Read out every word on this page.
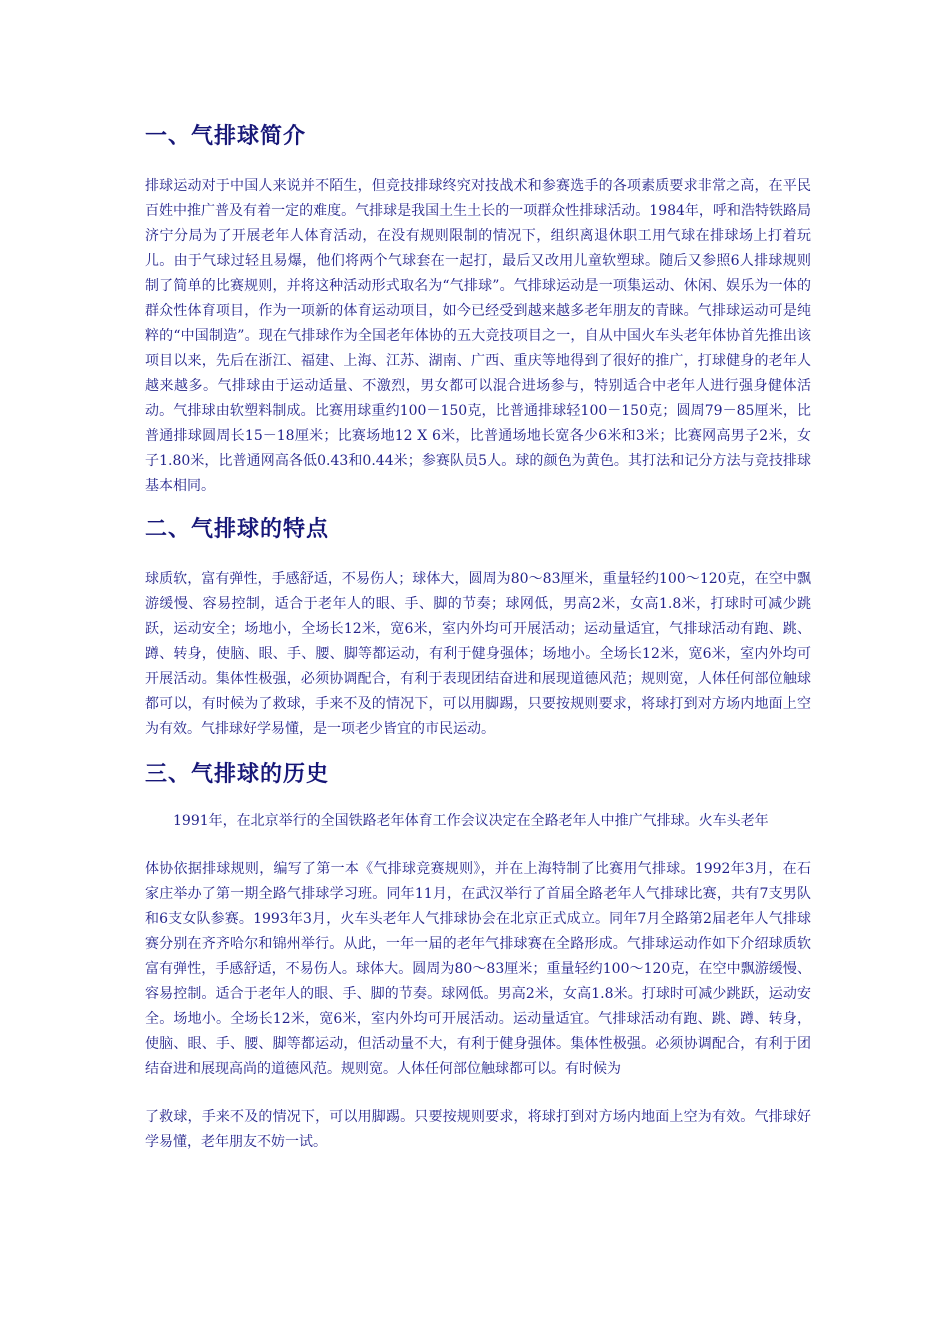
一、气排球简介

排球运动对于中国人来说并不陌生，但竞技排球终究对技战术和参赛选手的各项素质要求非常之高，在平民百姓中推广普及有着一定的难度。气排球是我国土生土长的一项群众性排球活动。1984年，呼和浩特铁路局济宁分局为了开展老年人体育活动，在没有规则限制的情况下，组织离退休职工用气球在排球场上打着玩儿。由于气球过轻且易爆，他们将两个气球套在一起打，最后又改用儿童软塑球。随后又参照6人排球规则制了简单的比赛规则，并将这种活动形式取名为“气排球”。气排球运动是一项集运动、休闲、娱乐为一体的群众性体育项目，作为一项新的体育运动项目，如今已经受到越来越多老年朋友的青睐。气排球运动可是纯粹的“中国制造”。现在气排球作为全国老年体协的五大竞技项目之一，自从中国火车头老年体协首先推出该项目以来，先后在浙江、福建、上海、江苏、湖南、广西、重庆等地得到了很好的推广，打球健身的老年人越来越多。气排球由于运动适量、不激烈，男女都可以混合进场参与，特别适合中老年人进行强身健体活动。气排球由软塑料制成。比赛用球重约100－150克，比普通排球轻100－150克；圆周79－85厘米，比普通排球圆周长15－18厘米；比赛场地12 X 6米，比普通场地长宽各少6米和3米；比赛网高男子2米，女子1.80米，比普通网高各低0.43和0.44米；参赛队员5人。球的颜色为黄色。其打法和记分方法与竞技排球基本相同。

二、气排球的特点

球质软，富有弹性，手感舒适，不易伤人；球体大，圆周为80～83厘米，重量轻约100～120克，在空中飘游缓慢、容易控制，适合于老年人的眼、手、脚的节奏；球网低，男高2米，女高1.8米，打球时可减少跳跃，运动安全；场地小，全场长12米，宽6米，室内外均可开展活动；运动量适宜，气排球活动有跑、跳、蹲、转身，使脑、眼、手、腰、脚等都运动，有利于健身强体；场地小。全场长12米，宽6米，室内外均可开展活动。集体性极强，必须协调配合，有利于表现团结奋进和展现道德风范；规则宽，人体任何部位触球都可以，有时候为了救球，手来不及的情况下，可以用脚踢，只要按规则要求，将球打到对方场内地面上空为有效。气排球好学易懂，是一项老少皆宜的市民运动。

三、气排球的历史

1991年，在北京举行的全国铁路老年体育工作会议决定在全路老年人中推广气排球。火车头老年

体协依据排球规则，编写了第一本《气排球竞赛规则》，并在上海特制了比赛用气排球。1992年3月，在石家庄举办了第一期全路气排球学习班。同年11月，在武汉举行了首届全路老年人气排球比赛，共有7支男队和6支女队参赛。1993年3月，火车头老年人气排球协会在北京正式成立。同年7月全路第2届老年人气排球赛分别在齐齐哈尔和锦州举行。从此，一年一届的老年气排球赛在全路形成。气排球运动作如下介绍球质软富有弹性，手感舒适，不易伤人。球体大。圆周为80～83厘米；重量轻约100～120克，在空中飘游缓慢、容易控制。适合于老年人的眼、手、脚的节奏。球网低。男高2米，女高1.8米。打球时可减少跳跃，运动安全。场地小。全场长12米，宽6米，室内外均可开展活动。运动量适宜。气排球活动有跑、跳、蹲、转身，使脑、眼、手、腰、脚等都运动，但活动量不大，有利于健身强体。集体性极强。必须协调配合，有利于团结奋进和展现高尚的道德风范。规则宽。人体任何部位触球都可以。有时候为

了救球，手来不及的情况下，可以用脚踢。只要按规则要求，将球打到对方场内地面上空为有效。气排球好学易懂，老年朋友不妨一试。
